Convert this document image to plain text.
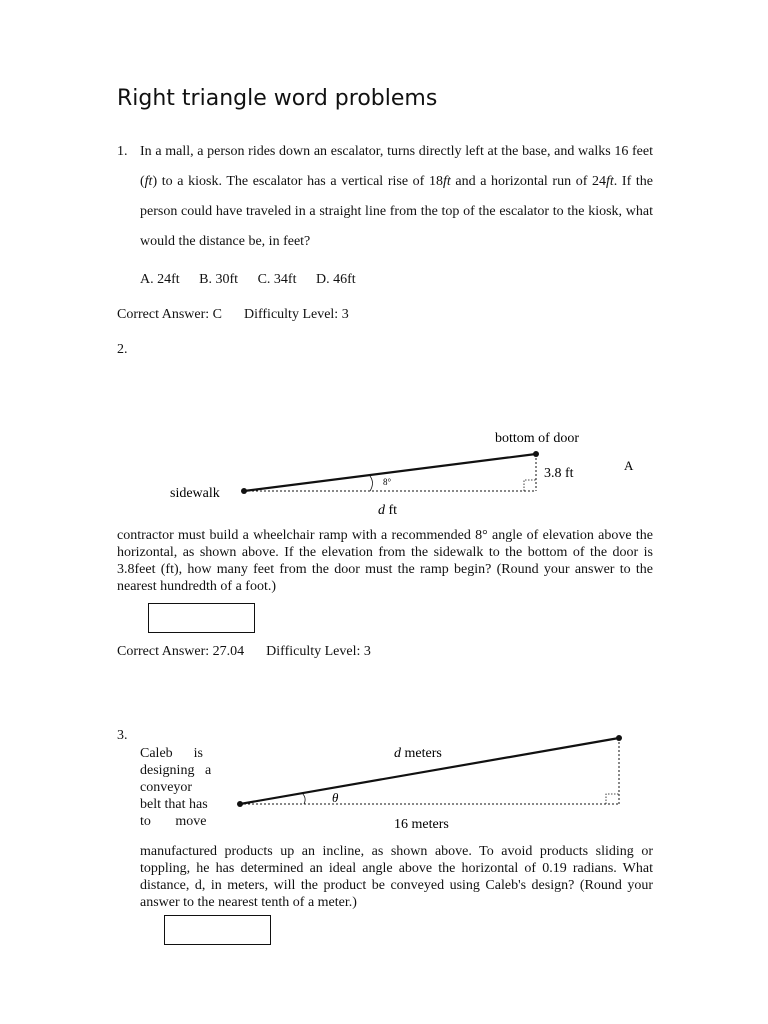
Right triangle word problems
1. In a mall, a person rides down an escalator, turns directly left at the base, and walks 16 feet (ft) to a kiosk. The escalator has a vertical rise of 18ft and a horizontal run of 24ft. If the person could have traveled in a straight line from the top of the escalator to the kiosk, what would the distance be, in feet?
A. 24ft B. 30ft C. 34ft D. 46ft
Correct Answer: C Difficulty Level: 3
2.
bottom of door
3.8 ft
sidewalk
8°
d ft
A
d meters
θ
16 meters
contractor must build a wheelchair ramp with a recommended 8° angle of elevation above the horizontal, as shown above. If the elevation from the sidewalk to the bottom of the door is 3.8feet (ft), how many feet from the door must the ramp begin? (Round your answer to the nearest hundredth of a foot.)
Correct Answer: 27.04 Difficulty Level: 3
3.
Caleb      is
designing   a
conveyor
belt that has
to       move
manufactured products up an incline, as shown above. To avoid products sliding or toppling, he has determined an ideal angle above the horizontal of 0.19 radians. What distance, d, in meters, will the product be conveyed using Caleb's design? (Round your answer to the nearest tenth of a meter.)
